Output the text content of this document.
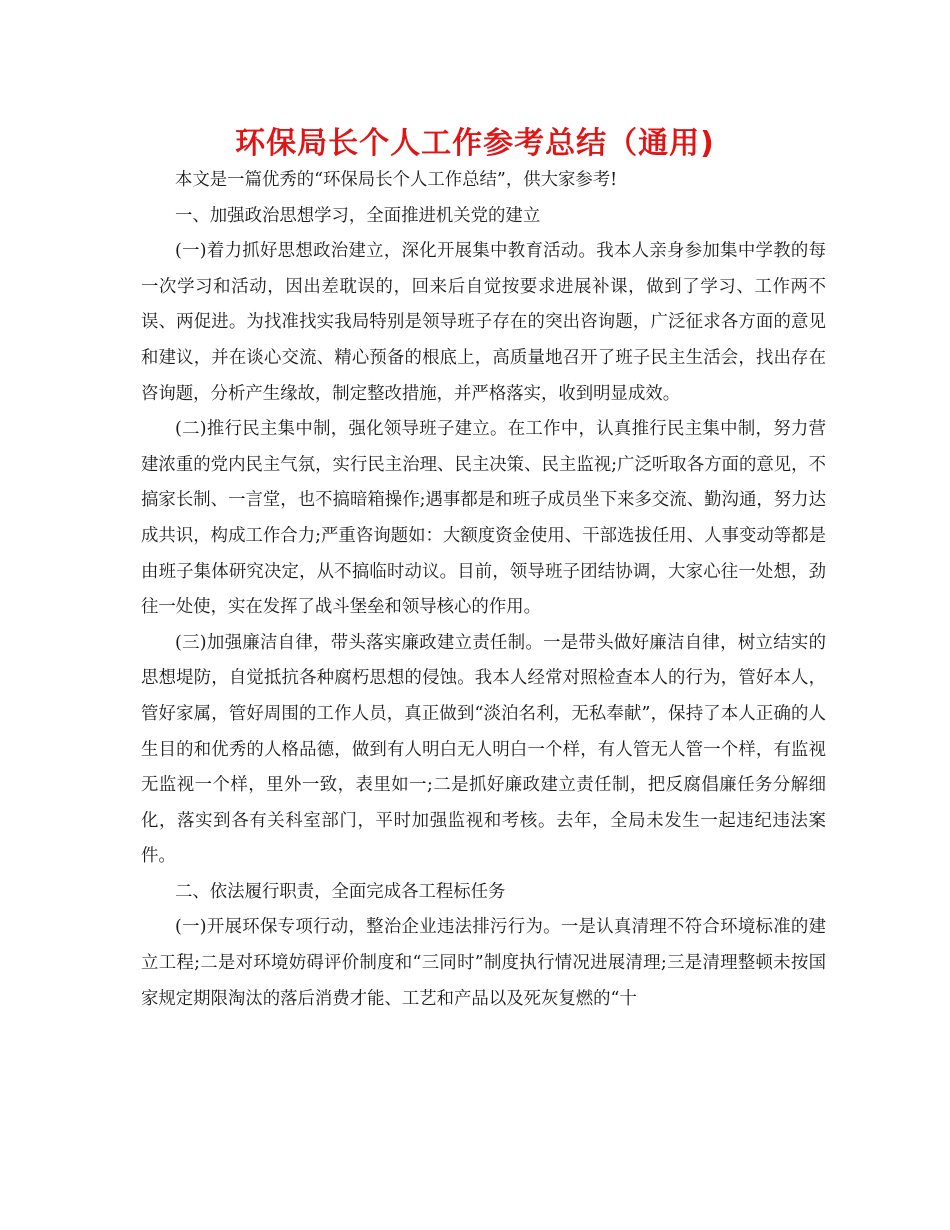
环保局长个人工作参考总结（通用)

本文是一篇优秀的“环保局长个人工作总结”，供大家参考!

一、加强政治思想学习，全面推进机关党的建立

(一)着力抓好思想政治建立，深化开展集中教育活动。我本人亲身参加集中学教的每一次学习和活动，因出差耽误的，回来后自觉按要求进展补课，做到了学习、工作两不误、两促进。为找准找实我局特别是领导班子存在的突出咨询题，广泛征求各方面的意见和建议，并在谈心交流、精心预备的根底上，高质量地召开了班子民主生活会，找出存在咨询题，分析产生缘故，制定整改措施，并严格落实，收到明显成效。

(二)推行民主集中制，强化领导班子建立。在工作中，认真推行民主集中制，努力营建浓重的党内民主气氛，实行民主治理、民主决策、民主监视;广泛听取各方面的意见，不搞家长制、一言堂，也不搞暗箱操作;遇事都是和班子成员坐下来多交流、勤沟通，努力达成共识，构成工作合力;严重咨询题如：大额度资金使用、干部选拔任用、人事变动等都是由班子集体研究决定，从不搞临时动议。目前，领导班子团结协调，大家心往一处想，劲往一处使，实在发挥了战斗堡垒和领导核心的作用。

(三)加强廉洁自律，带头落实廉政建立责任制。一是带头做好廉洁自律，树立结实的思想堤防，自觉抵抗各种腐朽思想的侵蚀。我本人经常对照检查本人的行为，管好本人，管好家属，管好周围的工作人员，真正做到“淡泊名利，无私奉献”，保持了本人正确的人生目的和优秀的人格品德，做到有人明白无人明白一个样，有人管无人管一个样，有监视无监视一个样，里外一致，表里如一;二是抓好廉政建立责任制，把反腐倡廉任务分解细化，落实到各有关科室部门，平时加强监视和考核。去年，全局未发生一起违纪违法案件。

二、依法履行职责，全面完成各工程标任务

(一)开展环保专项行动，整治企业违法排污行为。一是认真清理不符合环境标准的建立工程;二是对环境妨碍评价制度和“三同时”制度执行情况进展清理;三是清理整顿未按国家规定期限淘汰的落后消费才能、工艺和产品以及死灰复燃的“十
